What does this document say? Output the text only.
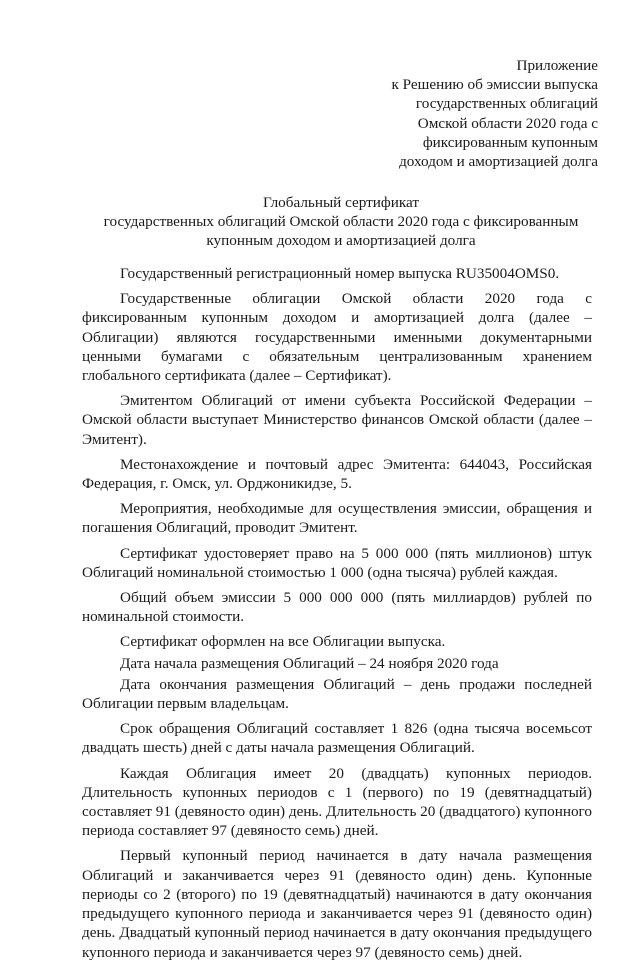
Приложение
к Решению об эмиссии выпуска
государственных облигаций
Омской области 2020 года с
фиксированным купонным
доходом и амортизацией долга
Глобальный сертификат
государственных облигаций Омской области 2020 года с фиксированным купонным доходом и амортизацией долга

Государственный регистрационный номер выпуска RU35004OMS0.

Государственные облигации Омской области 2020 года с фиксированным купонным доходом и амортизацией долга (далее – Облигации) являются государственными именными документарными ценными бумагами с обязательным централизованным хранением глобального сертификата (далее – Сертификат).

Эмитентом Облигаций от имени субъекта Российской Федерации – Омской области выступает Министерство финансов Омской области (далее – Эмитент).

Местонахождение и почтовый адрес Эмитента: 644043, Российская Федерация, г. Омск, ул. Орджоникидзе, 5.

Мероприятия, необходимые для осуществления эмиссии, обращения и погашения Облигаций, проводит Эмитент.

Сертификат удостоверяет право на 5 000 000 (пять миллионов) штук Облигаций номинальной стоимостью 1 000 (одна тысяча) рублей каждая.

Общий объем эмиссии 5 000 000 000 (пять миллиардов) рублей по номинальной стоимости.

Сертификат оформлен на все Облигации выпуска.

Дата начала размещения Облигаций – 24 ноября 2020 года

Дата окончания размещения Облигаций – день продажи последней Облигации первым владельцам.

Срок обращения Облигаций составляет 1 826 (одна тысяча восемьсот двадцать шесть) дней с даты начала размещения Облигаций.

Каждая Облигация имеет 20 (двадцать) купонных периодов. Длительность купонных периодов с 1 (первого) по 19 (девятнадцатый) составляет 91 (девяносто один) день. Длительность 20 (двадцатого) купонного периода составляет 97 (девяносто семь) дней.

Первый купонный период начинается в дату начала размещения Облигаций и заканчивается через 91 (девяносто один) день. Купонные периоды со 2 (второго) по 19 (девятнадцатый) начинаются в дату окончания предыдущего купонного периода и заканчивается через 91 (девяносто один) день. Двадцатый купонный период начинается в дату окончания предыдущего купонного периода и заканчивается через 97 (девяносто семь) дней.
